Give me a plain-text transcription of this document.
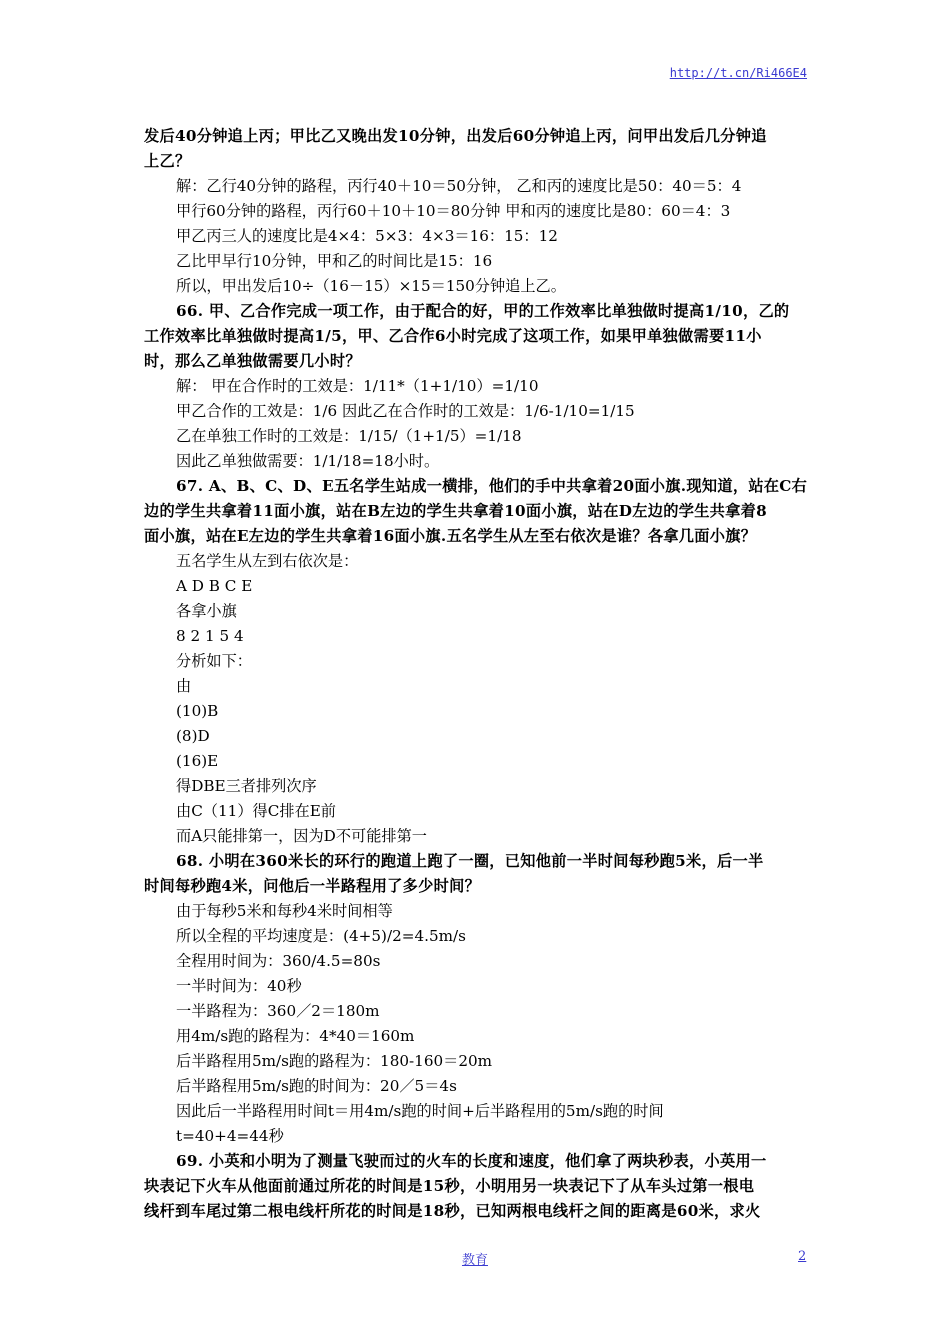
http://t.cn/Ri466E4
发后40分钟追上丙；甲比乙又晚出发10分钟，出发后60分钟追上丙，问甲出发后几分钟追
上乙？
解：乙行40分钟的路程，丙行40＋10＝50分钟， 乙和丙的速度比是50：40＝5：4
甲行60分钟的路程，丙行60＋10＋10＝80分钟 甲和丙的速度比是80：60＝4：3
甲乙丙三人的速度比是4×4：5×3：4×3＝16：15：12
乙比甲早行10分钟，甲和乙的时间比是15：16
所以，甲出发后10÷（16－15）×15＝150分钟追上乙。
66. 甲、乙合作完成一项工作，由于配合的好，甲的工作效率比单独做时提高1/10，乙的
工作效率比单独做时提高1/5，甲、乙合作6小时完成了这项工作，如果甲单独做需要11小
时，那么乙单独做需要几小时？
解： 甲在合作时的工效是：1/11*（1+1/10）=1/10
甲乙合作的工效是：1/6 因此乙在合作时的工效是：1/6-1/10=1/15
乙在单独工作时的工效是：1/15/（1+1/5）=1/18
因此乙单独做需要：1/1/18=18小时。
67. A、B、C、D、E五名学生站成一横排，他们的手中共拿着20面小旗.现知道，站在C右
边的学生共拿着11面小旗，站在B左边的学生共拿着10面小旗，站在D左边的学生共拿着8
面小旗，站在E左边的学生共拿着16面小旗.五名学生从左至右依次是谁？各拿几面小旗？
五名学生从左到右依次是：
A D B C E
各拿小旗
8 2 1 5 4
分析如下：
由
(10)B
(8)D
(16)E
得DBE三者排列次序
由C（11）得C排在E前
而A只能排第一，因为D不可能排第一
68. 小明在360米长的环行的跑道上跑了一圈，已知他前一半时间每秒跑5米，后一半
时间每秒跑4米，问他后一半路程用了多少时间？
由于每秒5米和每秒4米时间相等
所以全程的平均速度是：(4+5)/2=4.5m/s
全程用时间为：360/4.5=80s
一半时间为：40秒
一半路程为：360／2＝180m
用4m/s跑的路程为：4*40＝160m
后半路程用5m/s跑的路程为：180-160＝20m
后半路程用5m/s跑的时间为：20／5＝4s
因此后一半路程用时间t＝用4m/s跑的时间+后半路程用的5m/s跑的时间
t=40+4=44秒
69. 小英和小明为了测量飞驶而过的火车的长度和速度，他们拿了两块秒表，小英用一
块表记下火车从他面前通过所花的时间是15秒，小明用另一块表记下了从车头过第一根电
线杆到车尾过第二根电线杆所花的时间是18秒，已知两根电线杆之间的距离是60米，求火
教育	2
